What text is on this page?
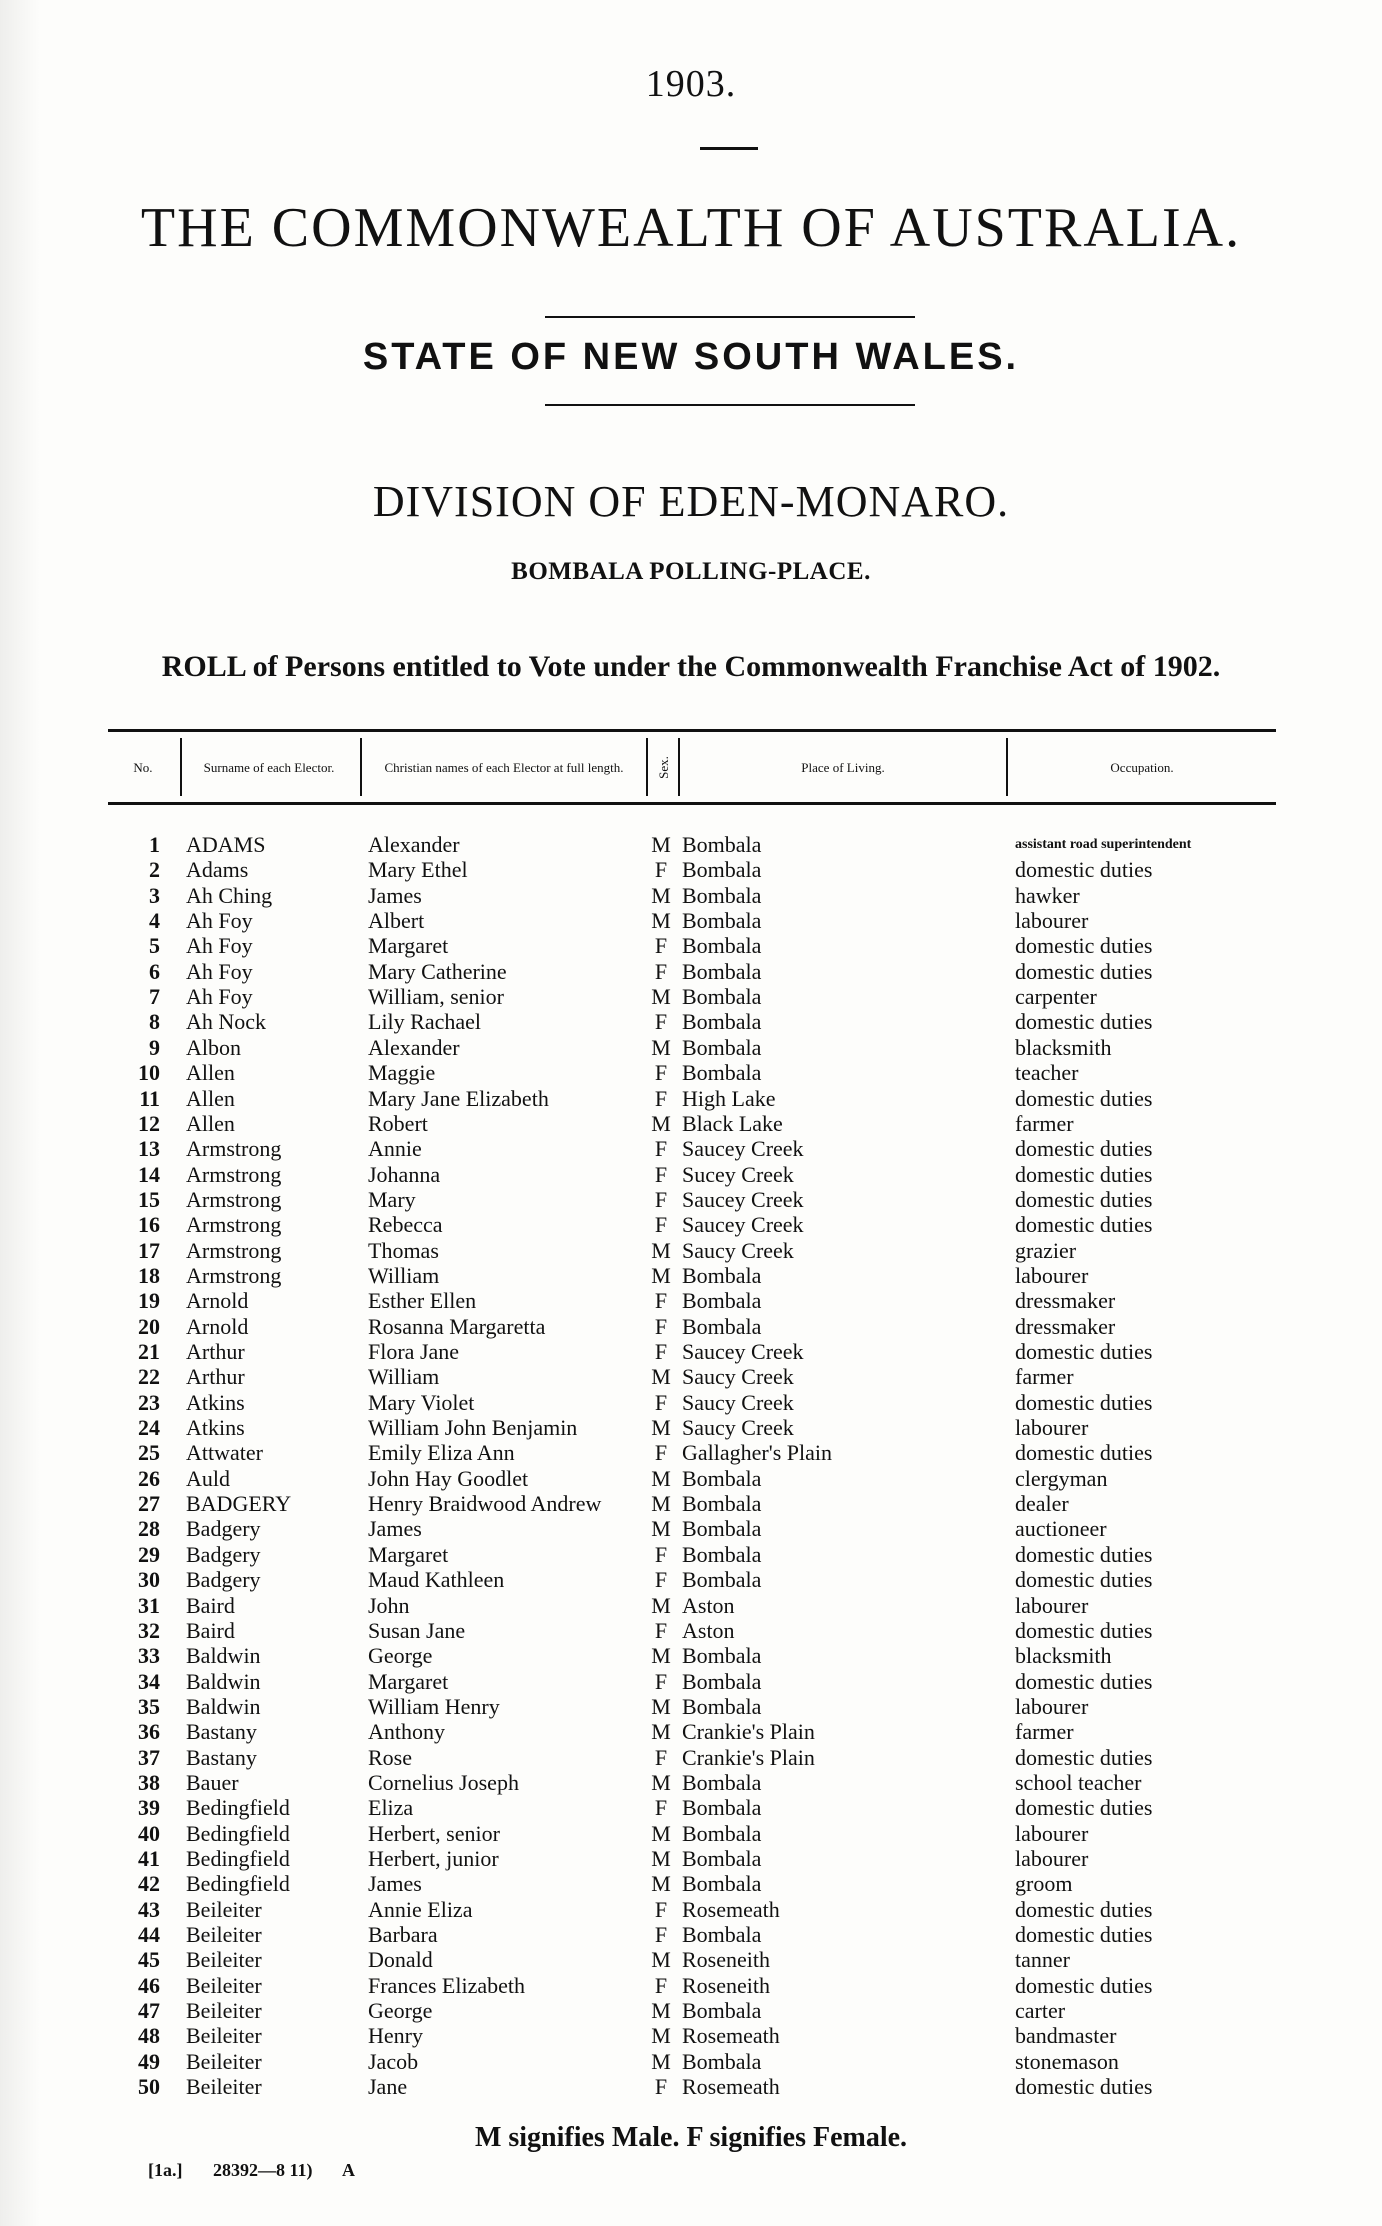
1903.
THE COMMONWEALTH OF AUSTRALIA.
STATE OF NEW SOUTH WALES.
DIVISION OF EDEN-MONARO.
BOMBALA POLLING-PLACE.
ROLL of Persons entitled to Vote under the Commonwealth Franchise Act of 1902.
No.	Surname of each Elector.	Christian names of each Elector at full length.	Sex.	Place of Living.	Occupation.
1 ADAMS	Alexander	M Bombala	assistant road superintendent
2 Adams	Mary Ethel	F Bombala	domestic duties
3 Ah Ching	James	M Bombala	hawker
4 Ah Foy	Albert	M Bombala	labourer
5 Ah Foy	Margaret	F Bombala	domestic duties
6 Ah Foy	Mary Catherine	F Bombala	domestic duties
7 Ah Foy	William, senior	M Bombala	carpenter
8 Ah Nock	Lily Rachael	F Bombala	domestic duties
9 Albon	Alexander	M Bombala	blacksmith
10 Allen	Maggie	F Bombala	teacher
11 Allen	Mary Jane Elizabeth	F High Lake	domestic duties
12 Allen	Robert	M Black Lake	farmer
13 Armstrong	Annie	F Saucey Creek	domestic duties
14 Armstrong	Johanna	F Sucey Creek	domestic duties
15 Armstrong	Mary	F Saucey Creek	domestic duties
16 Armstrong	Rebecca	F Saucey Creek	domestic duties
17 Armstrong	Thomas	M Saucy Creek	grazier
18 Armstrong	William	M Bombala	labourer
19 Arnold	Esther Ellen	F Bombala	dressmaker
20 Arnold	Rosanna Margaretta	F Bombala	dressmaker
21 Arthur	Flora Jane	F Saucey Creek	domestic duties
22 Arthur	William	M Saucy Creek	farmer
23 Atkins	Mary Violet	F Saucy Creek	domestic duties
24 Atkins	William John Benjamin	M Saucy Creek	labourer
25 Attwater	Emily Eliza Ann	F Gallagher's Plain	domestic duties
26 Auld	John Hay Goodlet	M Bombala	clergyman
27 BADGERY	Henry Braidwood Andrew M Bombala	dealer
28 Badgery	James	M Bombala	auctioneer
29 Badgery	Margaret	F Bombala	domestic duties
30 Badgery	Maud Kathleen	F Bombala	domestic duties
31 Baird	John	M Aston	labourer
32 Baird	Susan Jane	F Aston	domestic duties
33 Baldwin	George	M Bombala	blacksmith
34 Baldwin	Margaret	F Bombala	domestic duties
35 Baldwin	William Henry	M Bombala	labourer
36 Bastany	Anthony	M Crankie's Plain	farmer
37 Bastany	Rose	F Crankie's Plain	domestic duties
38 Bauer	Cornelius Joseph	M Bombala	school teacher
39 Bedingfield	Eliza	F Bombala	domestic duties
40 Bedingfield	Herbert, senior	M Bombala	labourer
41 Bedingfield	Herbert, junior	M Bombala	labourer
42 Bedingfield	James	M Bombala	groom
43 Beileiter	Annie Eliza	F Rosemeath	domestic duties
44 Beileiter	Barbara	F Bombala	domestic duties
45 Beileiter	Donald	M Roseneith	tanner
46 Beileiter	Frances Elizabeth	F Roseneith	domestic duties
47 Beileiter	George	M Bombala	carter
48 Beileiter	Henry	M Rosemeath	bandmaster
49 Beileiter	Jacob	M Bombala	stonemason
50 Beileiter	Jane	F Rosemeath	domestic duties
M signifies Male. F signifies Female.
[1a.] 28392—8 11) A
